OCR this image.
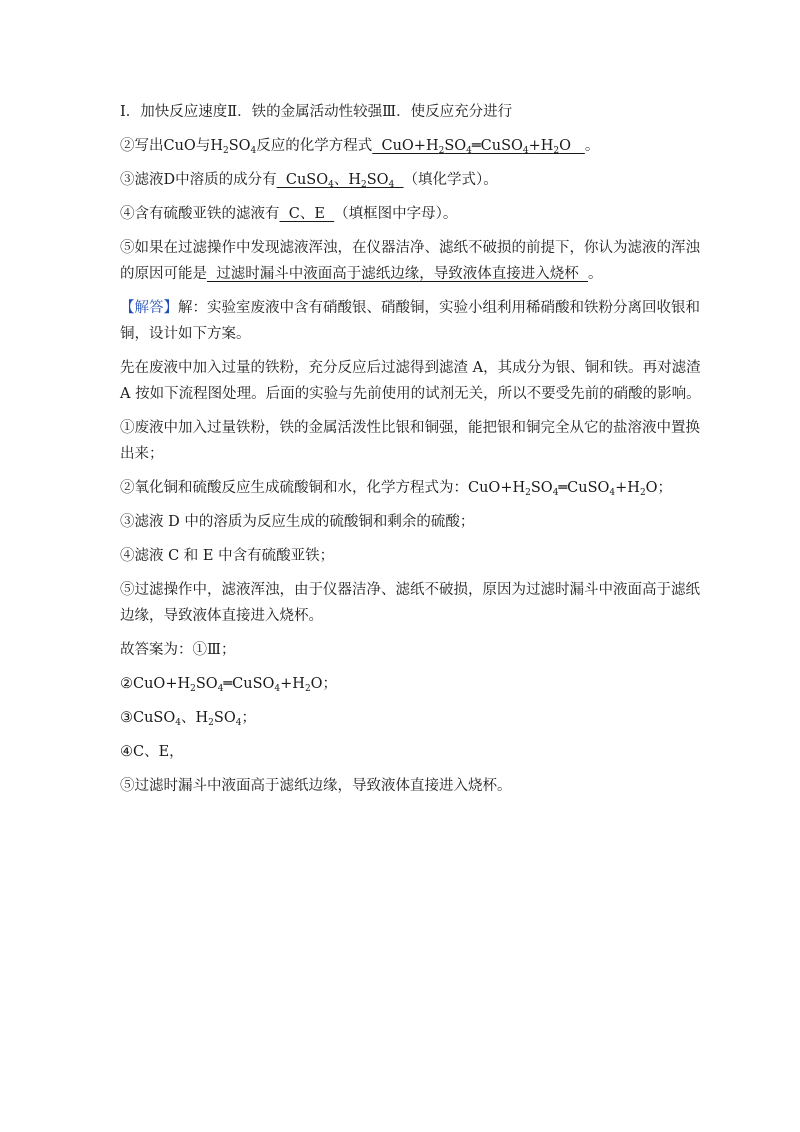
Ⅰ．加快反应速度Ⅱ．铁的金属活动性较强Ⅲ．使反应充分进行
②写出CuO与$H_2SO_4$反应的化学方程式  $CuO+H_2SO_4═CuSO_4+H_2O$   。
③滤液D中溶质的成分有  CuSO$_4$、$H_2SO_4$ （填化学式）。
④含有硫酸亚铁的滤液有  C、E  （填框图中字母）。
⑤如果在过滤操作中发现滤液浑浊，在仪器洁净、滤纸不破损的前提下，你认为滤液的浑浊
的原因可能是  过滤时漏斗中液面高于滤纸边缘，导致液体直接进入烧杯  。
【解答】解：实验室废液中含有硝酸银、硝酸铜，实验小组利用稀硝酸和铁粉分离回收银和
铜，设计如下方案。
先在废液中加入过量的铁粉，充分反应后过滤得到滤渣 A，其成分为银、铜和铁。再对滤渣
A 按如下流程图处理。后面的实验与先前使用的试剂无关，所以不要受先前的硝酸的影响。
①废液中加入过量铁粉，铁的金属活泼性比银和铜强，能把银和铜完全从它的盐溶液中置换
出来；
②氧化铜和硫酸反应生成硫酸铜和水，化学方程式为：$CuO+H_2SO_4═CuSO_4+H_2O$；
③滤液 D 中的溶质为反应生成的硫酸铜和剩余的硫酸；
④滤液 C 和 E 中含有硫酸亚铁；
⑤过滤操作中，滤液浑浊，由于仪器洁净、滤纸不破损，原因为过滤时漏斗中液面高于滤纸
边缘，导致液体直接进入烧杯。
故答案为：①Ⅲ；
$②CuO+H_2SO_4═CuSO_4+H_2O$；
③CuSO$_4$、$H_2SO_4$；
④C、E，
⑤过滤时漏斗中液面高于滤纸边缘，导致液体直接进入烧杯。
